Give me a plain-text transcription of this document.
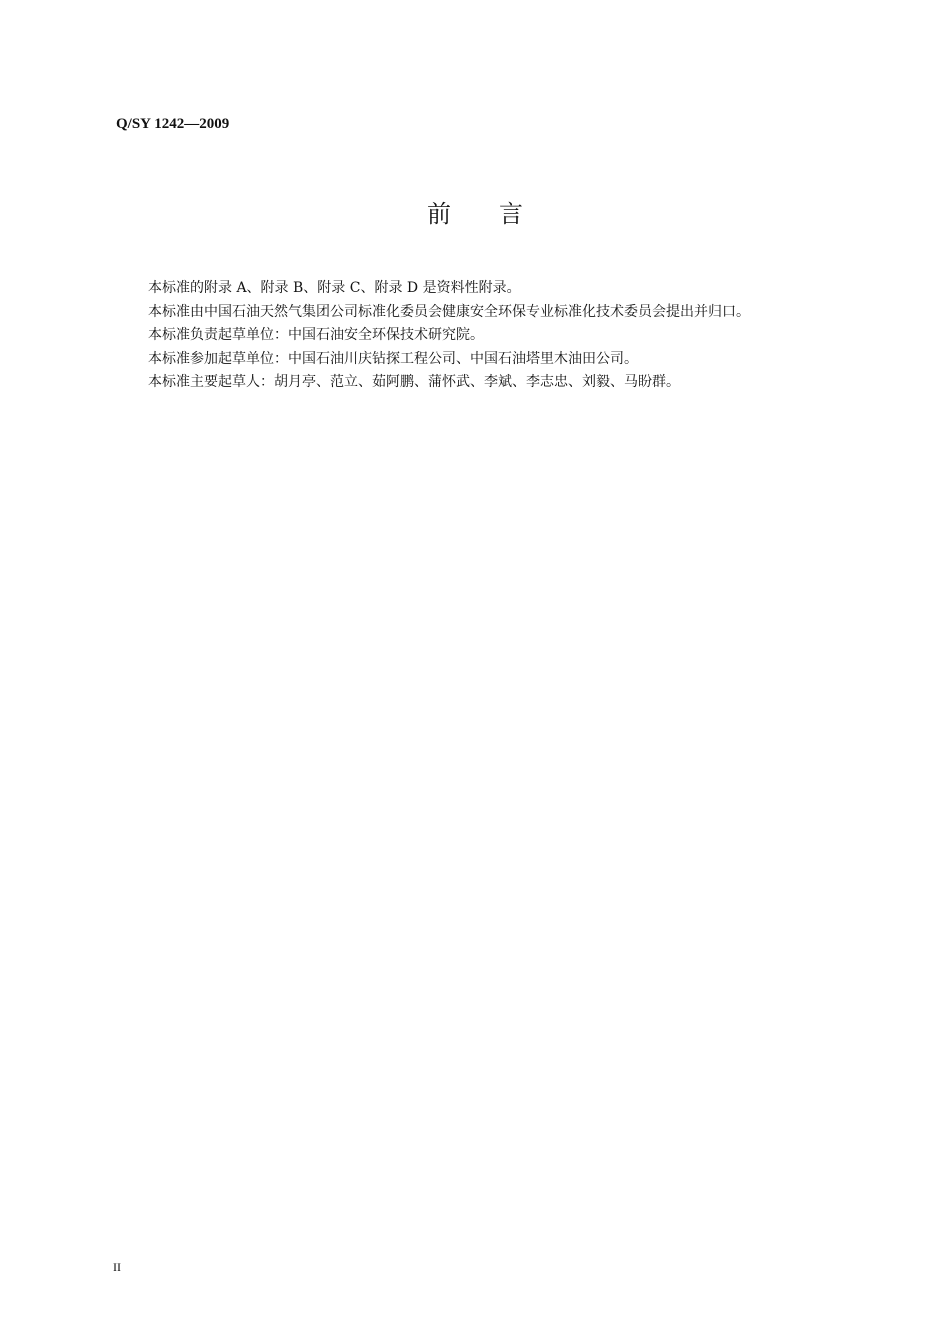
Q/SY 1242—2009
前　　言

本标准的附录 A、附录 B、附录 C、附录 D 是资料性附录。

本标准由中国石油天然气集团公司标准化委员会健康安全环保专业标准化技术委员会提出并归口。

本标准负责起草单位：中国石油安全环保技术研究院。

本标准参加起草单位：中国石油川庆钻探工程公司、中国石油塔里木油田公司。

本标准主要起草人：胡月亭、范立、茹阿鹏、蒲怀武、李斌、李志忠、刘毅、马盼群。

II
